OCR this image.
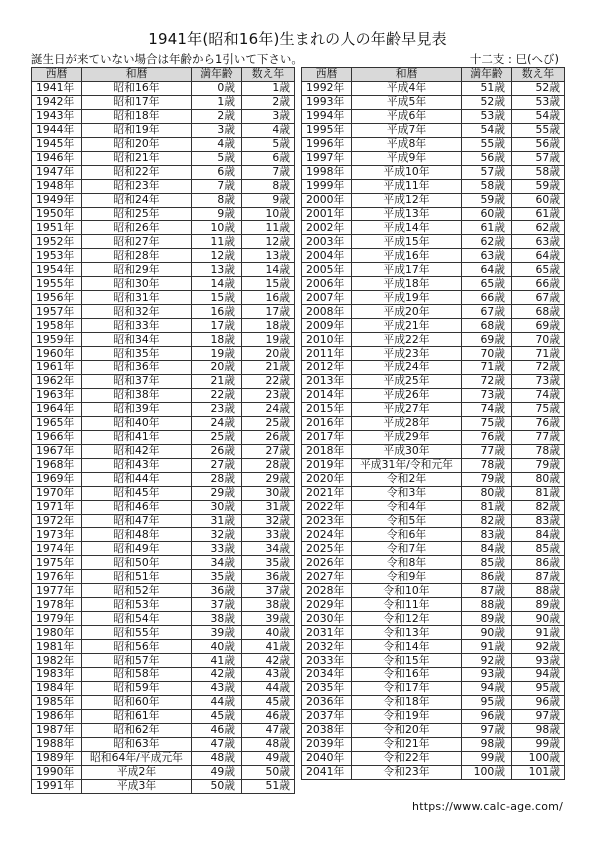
1941年(昭和16年)生まれの人の年齢早見表
誕生日が来ていない場合は年齢から1引いて下さい。	十二支 : 巳(へび)
西暦	和暦	満年齢	数え年
1941年	昭和16年	0歳	1歳
1942年	昭和17年	1歳	2歳
1943年	昭和18年	2歳	3歳
1944年	昭和19年	3歳	4歳
1945年	昭和20年	4歳	5歳
1946年	昭和21年	5歳	6歳
1947年	昭和22年	6歳	7歳
1948年	昭和23年	7歳	8歳
1949年	昭和24年	8歳	9歳
1950年	昭和25年	9歳	10歳
1951年	昭和26年	10歳	11歳
1952年	昭和27年	11歳	12歳
1953年	昭和28年	12歳	13歳
1954年	昭和29年	13歳	14歳
1955年	昭和30年	14歳	15歳
1956年	昭和31年	15歳	16歳
1957年	昭和32年	16歳	17歳
1958年	昭和33年	17歳	18歳
1959年	昭和34年	18歳	19歳
1960年	昭和35年	19歳	20歳
1961年	昭和36年	20歳	21歳
1962年	昭和37年	21歳	22歳
1963年	昭和38年	22歳	23歳
1964年	昭和39年	23歳	24歳
1965年	昭和40年	24歳	25歳
1966年	昭和41年	25歳	26歳
1967年	昭和42年	26歳	27歳
1968年	昭和43年	27歳	28歳
1969年	昭和44年	28歳	29歳
1970年	昭和45年	29歳	30歳
1971年	昭和46年	30歳	31歳
1972年	昭和47年	31歳	32歳
1973年	昭和48年	32歳	33歳
1974年	昭和49年	33歳	34歳
1975年	昭和50年	34歳	35歳
1976年	昭和51年	35歳	36歳
1977年	昭和52年	36歳	37歳
1978年	昭和53年	37歳	38歳
1979年	昭和54年	38歳	39歳
1980年	昭和55年	39歳	40歳
1981年	昭和56年	40歳	41歳
1982年	昭和57年	41歳	42歳
1983年	昭和58年	42歳	43歳
1984年	昭和59年	43歳	44歳
1985年	昭和60年	44歳	45歳
1986年	昭和61年	45歳	46歳
1987年	昭和62年	46歳	47歳
1988年	昭和63年	47歳	48歳
1989年	昭和64年/平成元年	48歳	49歳
1990年	平成2年	49歳	50歳
1991年	平成3年	50歳	51歳
西暦	和暦	満年齢	数え年
1992年	平成4年	51歳	52歳
1993年	平成5年	52歳	53歳
1994年	平成6年	53歳	54歳
1995年	平成7年	54歳	55歳
1996年	平成8年	55歳	56歳
1997年	平成9年	56歳	57歳
1998年	平成10年	57歳	58歳
1999年	平成11年	58歳	59歳
2000年	平成12年	59歳	60歳
2001年	平成13年	60歳	61歳
2002年	平成14年	61歳	62歳
2003年	平成15年	62歳	63歳
2004年	平成16年	63歳	64歳
2005年	平成17年	64歳	65歳
2006年	平成18年	65歳	66歳
2007年	平成19年	66歳	67歳
2008年	平成20年	67歳	68歳
2009年	平成21年	68歳	69歳
2010年	平成22年	69歳	70歳
2011年	平成23年	70歳	71歳
2012年	平成24年	71歳	72歳
2013年	平成25年	72歳	73歳
2014年	平成26年	73歳	74歳
2015年	平成27年	74歳	75歳
2016年	平成28年	75歳	76歳
2017年	平成29年	76歳	77歳
2018年	平成30年	77歳	78歳
2019年	平成31年/令和元年	78歳	79歳
2020年	令和2年	79歳	80歳
2021年	令和3年	80歳	81歳
2022年	令和4年	81歳	82歳
2023年	令和5年	82歳	83歳
2024年	令和6年	83歳	84歳
2025年	令和7年	84歳	85歳
2026年	令和8年	85歳	86歳
2027年	令和9年	86歳	87歳
2028年	令和10年	87歳	88歳
2029年	令和11年	88歳	89歳
2030年	令和12年	89歳	90歳
2031年	令和13年	90歳	91歳
2032年	令和14年	91歳	92歳
2033年	令和15年	92歳	93歳
2034年	令和16年	93歳	94歳
2035年	令和17年	94歳	95歳
2036年	令和18年	95歳	96歳
2037年	令和19年	96歳	97歳
2038年	令和20年	97歳	98歳
2039年	令和21年	98歳	99歳
2040年	令和22年	99歳	100歳
2041年	令和23年	100歳	101歳
https://www.calc-age.com/
